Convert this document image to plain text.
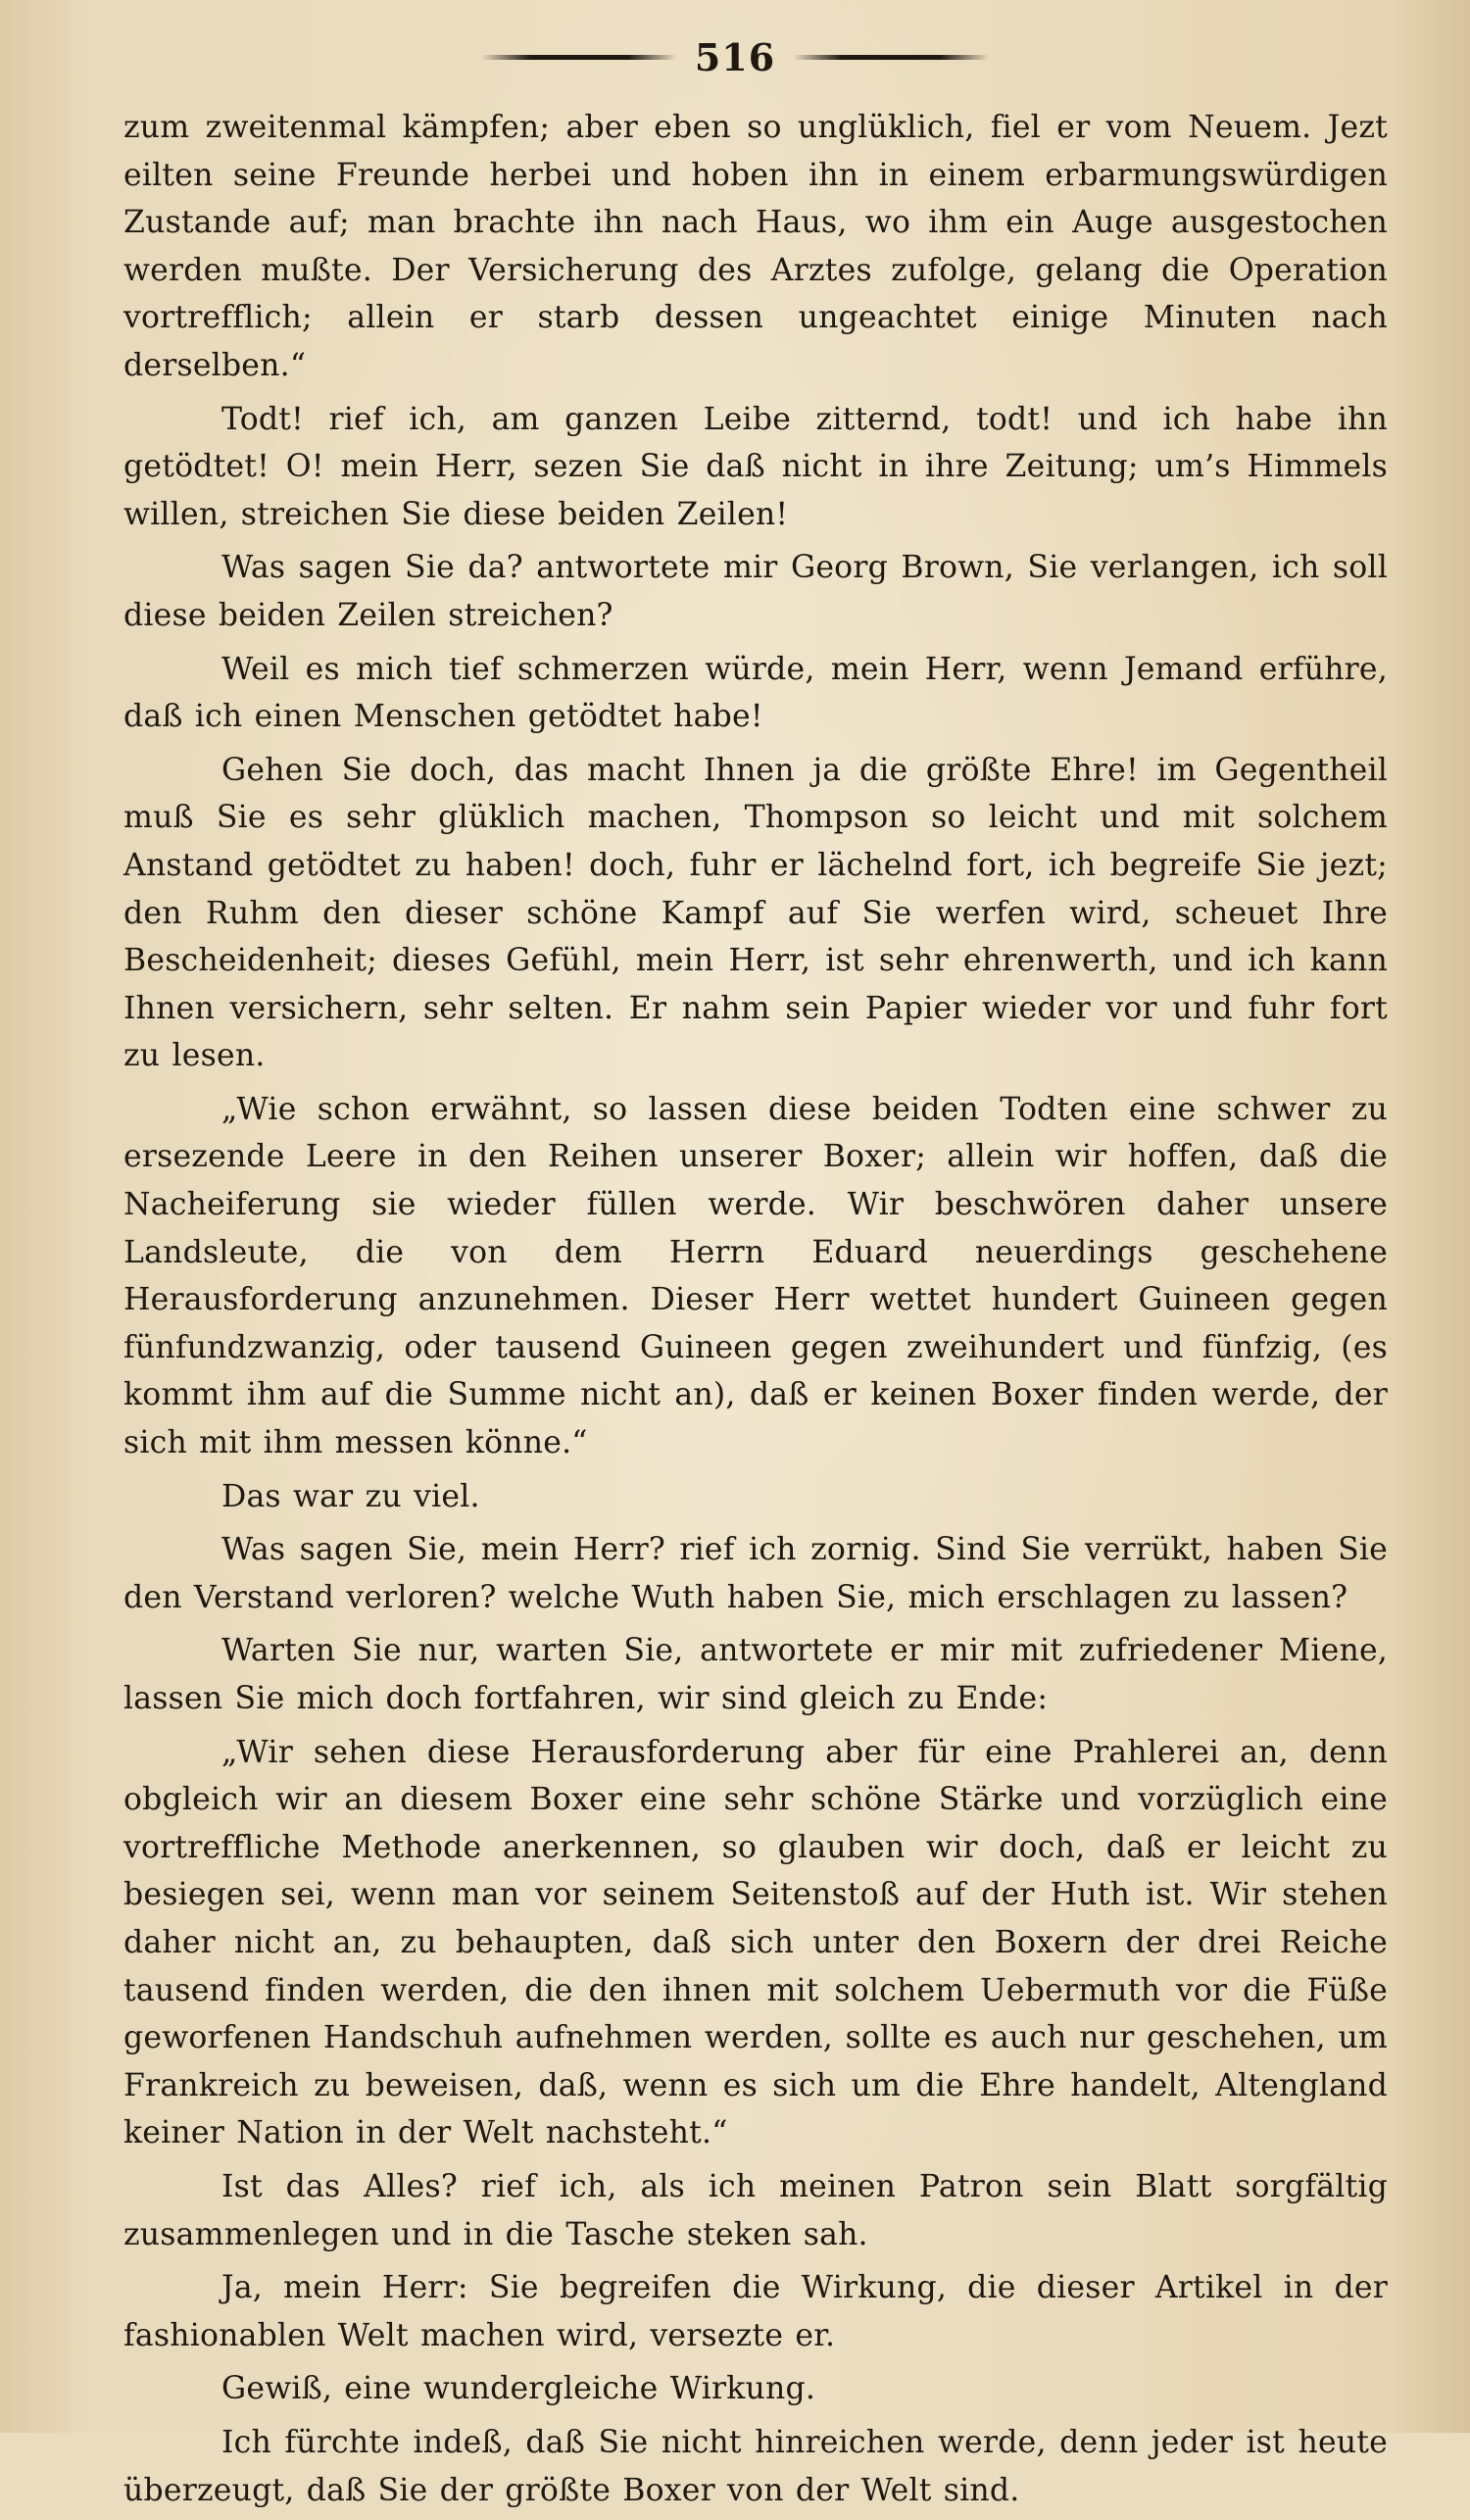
516

zum zweitenmal kämpfen; aber eben so unglüklich, fiel er vom Neuem. Jezt eilten seine Freunde herbei und hoben ihn in einem erbarmungswürdigen Zustande auf; man brachte ihn nach Haus, wo ihm ein Auge ausgestochen werden mußte. Der Versicherung des Arztes zufolge, gelang die Operation vortrefflich; allein er starb dessen ungeachtet einige Minuten nach derselben.“

Todt! rief ich, am ganzen Leibe zitternd, todt! und ich habe ihn getödtet! O! mein Herr, sezen Sie daß nicht in ihre Zeitung; um’s Himmels willen, streichen Sie diese beiden Zeilen!

Was sagen Sie da? antwortete mir Georg Brown, Sie verlangen, ich soll diese beiden Zeilen streichen?

Weil es mich tief schmerzen würde, mein Herr, wenn Jemand erführe, daß ich einen Menschen getödtet habe!

Gehen Sie doch, das macht Ihnen ja die größte Ehre! im Gegentheil muß Sie es sehr glüklich machen, Thompson so leicht und mit solchem Anstand getödtet zu haben! doch, fuhr er lächelnd fort, ich begreife Sie jezt; den Ruhm den dieser schöne Kampf auf Sie werfen wird, scheuet Ihre Bescheidenheit; dieses Gefühl, mein Herr, ist sehr ehrenwerth, und ich kann Ihnen versichern, sehr selten. Er nahm sein Papier wieder vor und fuhr fort zu lesen.

„Wie schon erwähnt, so lassen diese beiden Todten eine schwer zu ersezende Leere in den Reihen unserer Boxer; allein wir hoffen, daß die Nacheiferung sie wieder füllen werde. Wir beschwören daher unsere Landsleute, die von dem Herrn Eduard neuerdings geschehene Herausforderung anzunehmen. Dieser Herr wettet hundert Guineen gegen fünfundzwanzig, oder tausend Guineen gegen zweihundert und fünfzig, (es kommt ihm auf die Summe nicht an), daß er keinen Boxer finden werde, der sich mit ihm messen könne.“

Das war zu viel.

Was sagen Sie, mein Herr? rief ich zornig. Sind Sie verrükt, haben Sie den Verstand verloren? welche Wuth haben Sie, mich erschlagen zu lassen?

Warten Sie nur, warten Sie, antwortete er mir mit zufriedener Miene, lassen Sie mich doch fortfahren, wir sind gleich zu Ende:

„Wir sehen diese Herausforderung aber für eine Prahlerei an, denn obgleich wir an diesem Boxer eine sehr schöne Stärke und vorzüglich eine vortreffliche Methode anerkennen, so glauben wir doch, daß er leicht zu besiegen sei, wenn man vor seinem Seitenstoß auf der Huth ist. Wir stehen daher nicht an, zu behaupten, daß sich unter den Boxern der drei Reiche tausend finden werden, die den ihnen mit solchem Uebermuth vor die Füße geworfenen Handschuh aufnehmen werden, sollte es auch nur geschehen, um Frankreich zu beweisen, daß, wenn es sich um die Ehre handelt, Altengland keiner Nation in der Welt nachsteht.“

Ist das Alles? rief ich, als ich meinen Patron sein Blatt sorgfältig zusammenlegen und in die Tasche steken sah.

Ja, mein Herr: Sie begreifen die Wirkung, die dieser Artikel in der fashionablen Welt machen wird, versezte er.

Gewiß, eine wundergleiche Wirkung.

Ich fürchte indeß, daß Sie nicht hinreichen werde, denn jeder ist heute überzeugt, daß Sie der größte Boxer von der Welt sind.
